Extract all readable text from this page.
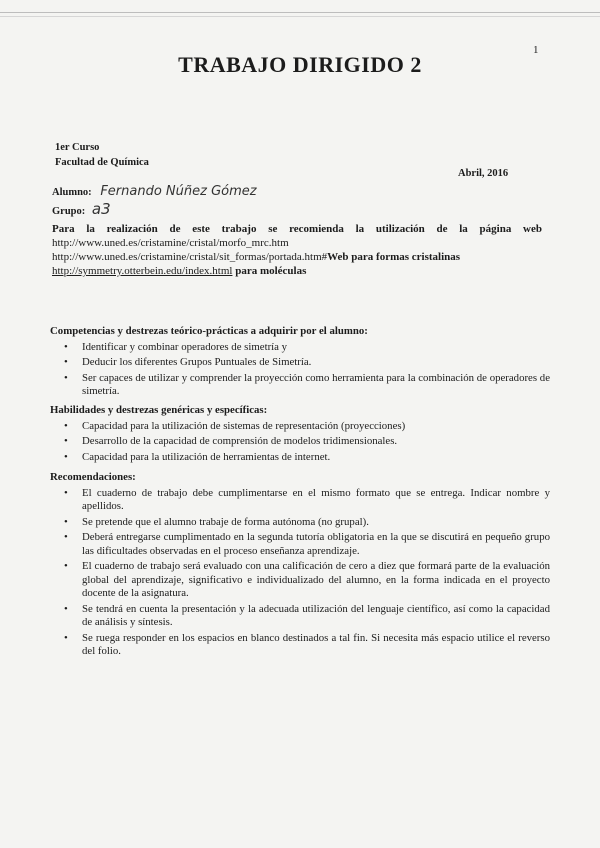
1
TRABAJO DIRIGIDO 2
1er Curso
Facultad de Química
Abril, 2016
Alumno: Fernando Núñez Gómez
Grupo: a3
Para la realización de este trabajo se recomienda la utilización de la página web
http://www.uned.es/cristamine/cristal/morfo_mrc.htm
http://www.uned.es/cristamine/cristal/sit_formas/portada.htm#Web para formas cristalinas
http://symmetry.otterbein.edu/index.html para moléculas
Competencias y destrezas teórico-prácticas a adquirir por el alumno:
• Identificar y combinar operadores de simetría y
• Deducir los diferentes Grupos Puntuales de Simetría.
• Ser capaces de utilizar y comprender la proyección como herramienta para la combinación de operadores de simetría.
Habilidades y destrezas genéricas y específicas:
• Capacidad para la utilización de sistemas de representación (proyecciones)
• Desarrollo de la capacidad de comprensión de modelos tridimensionales.
• Capacidad para la utilización de herramientas de internet.
Recomendaciones:
• El cuaderno de trabajo debe cumplimentarse en el mismo formato que se entrega. Indicar nombre y apellidos.
• Se pretende que el alumno trabaje de forma autónoma (no grupal).
• Deberá entregarse cumplimentado en la segunda tutoría obligatoria en la que se discutirá en pequeño grupo las dificultades observadas en el proceso enseñanza aprendizaje.
• El cuaderno de trabajo será evaluado con una calificación de cero a diez que formará parte de la evaluación global del aprendizaje, significativo e individualizado del alumno, en la forma indicada en el proyecto docente de la asignatura.
• Se tendrá en cuenta la presentación y la adecuada utilización del lenguaje científico, así como la capacidad de análisis y síntesis.
• Se ruega responder en los espacios en blanco destinados a tal fin. Si necesita más espacio utilice el reverso del folio.
